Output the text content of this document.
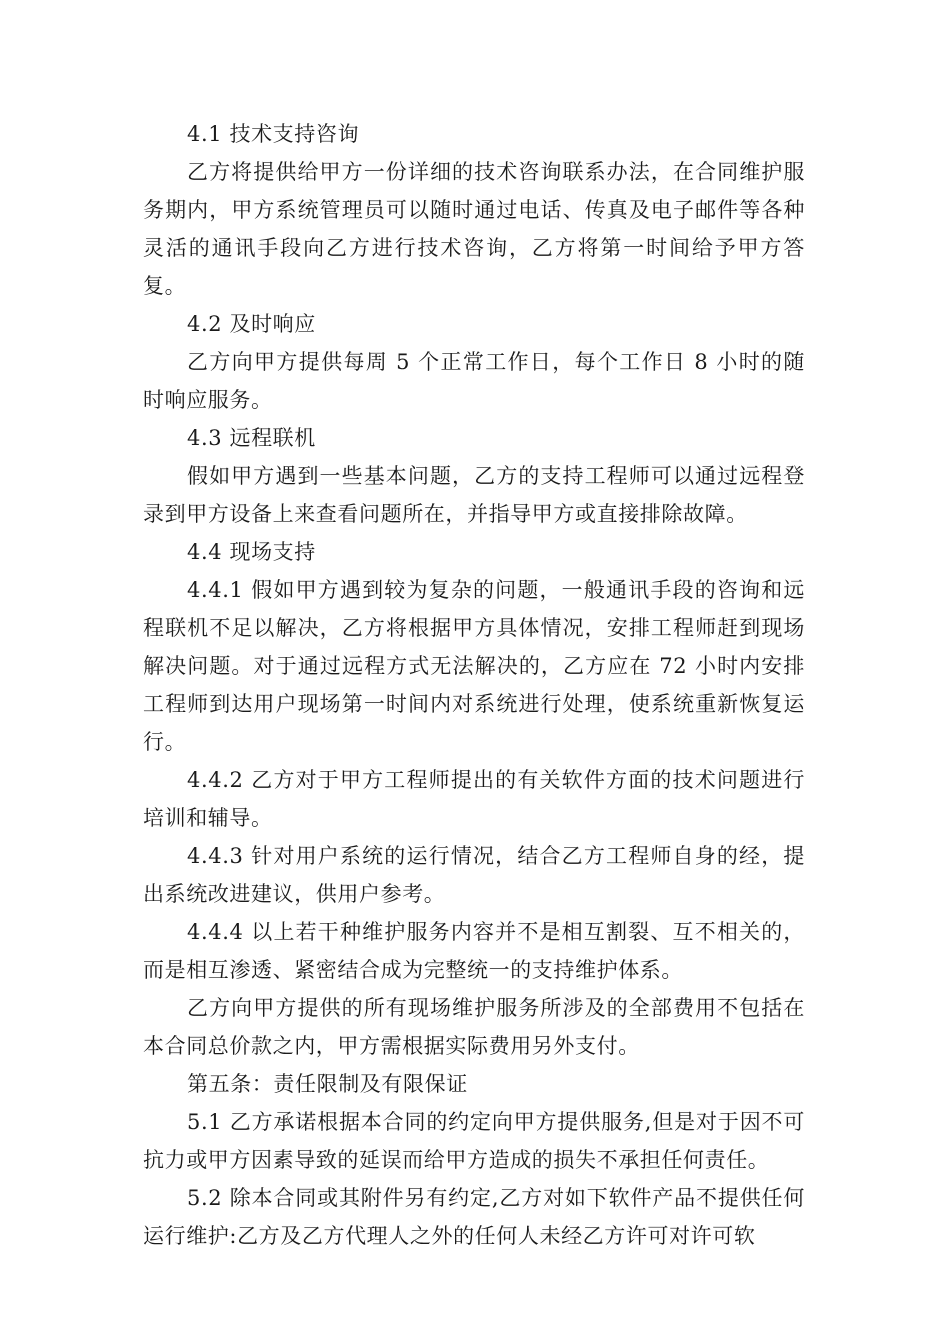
4.1 技术支持咨询

乙方将提供给甲方一份详细的技术咨询联系办法，在合同维护服务期内，甲方系统管理员可以随时通过电话、传真及电子邮件等各种灵活的通讯手段向乙方进行技术咨询，乙方将第一时间给予甲方答复。

4.2 及时响应

乙方向甲方提供每周 5 个正常工作日，每个工作日 8 小时的随时响应服务。

4.3 远程联机

假如甲方遇到一些基本问题，乙方的支持工程师可以通过远程登录到甲方设备上来查看问题所在，并指导甲方或直接排除故障。

4.4 现场支持

4.4.1 假如甲方遇到较为复杂的问题，一般通讯手段的咨询和远程联机不足以解决，乙方将根据甲方具体情况，安排工程师赶到现场解决问题。对于通过远程方式无法解决的，乙方应在 72 小时内安排工程师到达用户现场第一时间内对系统进行处理，使系统重新恢复运行。

4.4.2 乙方对于甲方工程师提出的有关软件方面的技术问题进行培训和辅导。

4.4.3 针对用户系统的运行情况，结合乙方工程师自身的经，提出系统改进建议，供用户参考。

4.4.4 以上若干种维护服务内容并不是相互割裂、互不相关的，而是相互渗透、紧密结合成为完整统一的支持维护体系。

乙方向甲方提供的所有现场维护服务所涉及的全部费用不包括在本合同总价款之内，甲方需根据实际费用另外支付。

第五条：责任限制及有限保证

5.1 乙方承诺根据本合同的约定向甲方提供服务,但是对于因不可抗力或甲方因素导致的延误而给甲方造成的损失不承担任何责任。

5.2 除本合同或其附件另有约定,乙方对如下软件产品不提供任何运行维护:乙方及乙方代理人之外的任何人未经乙方许可对许可软
